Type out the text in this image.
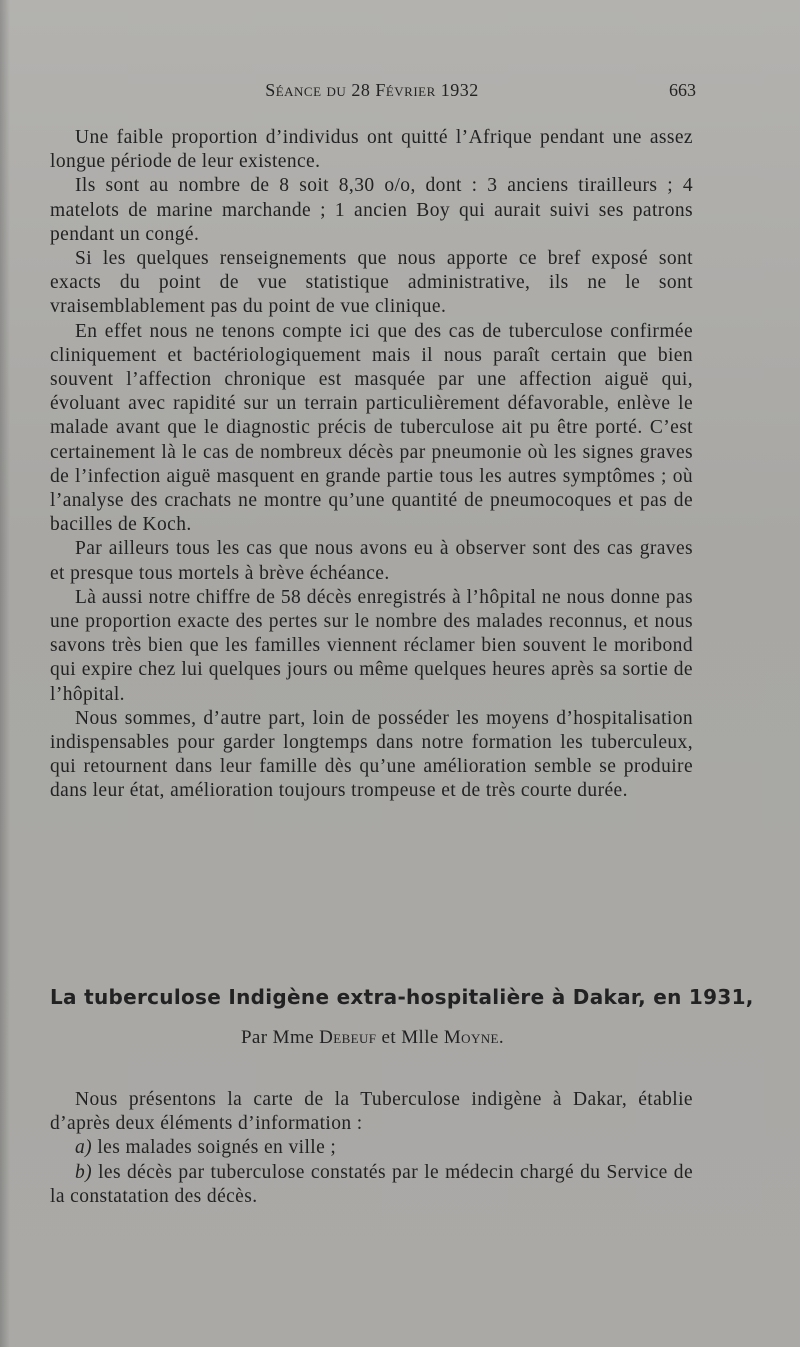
Séance du 28 Février 1932	663

Une faible proportion d’individus ont quitté l’Afrique pendant une assez longue période de leur existence.

Ils sont au nombre de 8 soit 8,30 o/o, dont : 3 anciens tirailleurs ; 4 matelots de marine marchande ; 1 ancien Boy qui aurait suivi ses patrons pendant un congé.

Si les quelques renseignements que nous apporte ce bref exposé sont exacts du point de vue statistique administrative, ils ne le sont vraisemblablement pas du point de vue clinique.

En effet nous ne tenons compte ici que des cas de tuberculose confirmée cliniquement et bactériologiquement mais il nous paraît certain que bien souvent l’affection chronique est masquée par une affection aiguë qui, évoluant avec rapidité sur un terrain particulièrement défavorable, enlève le malade avant que le diagnostic précis de tuberculose ait pu être porté. C’est certainement là le cas de nombreux décès par pneumonie où les signes graves de l’infection aiguë masquent en grande partie tous les autres symptômes ; où l’analyse des crachats ne montre qu’une quantité de pneumocoques et pas de bacilles de Koch.

Par ailleurs tous les cas que nous avons eu à observer sont des cas graves et presque tous mortels à brève échéance.

Là aussi notre chiffre de 58 décès enregistrés à l’hôpital ne nous donne pas une proportion exacte des pertes sur le nombre des malades reconnus, et nous savons très bien que les familles viennent réclamer bien souvent le moribond qui expire chez lui quelques jours ou même quelques heures après sa sortie de l’hôpital.

Nous sommes, d’autre part, loin de posséder les moyens d’hospitalisation indispensables pour garder longtemps dans notre formation les tuberculeux, qui retournent dans leur famille dès qu’une amélioration semble se produire dans leur état, amélioration toujours trompeuse et de très courte durée.

La tuberculose Indigène extra-hospitalière à Dakar, en 1931,
Par Mme Debeuf et Mlle Moyne.

Nous présentons la carte de la Tuberculose indigène à Dakar, établie d’après deux éléments d’information :

a) les malades soignés en ville ;

b) les décès par tuberculose constatés par le médecin chargé du Service de la constatation des décès.
